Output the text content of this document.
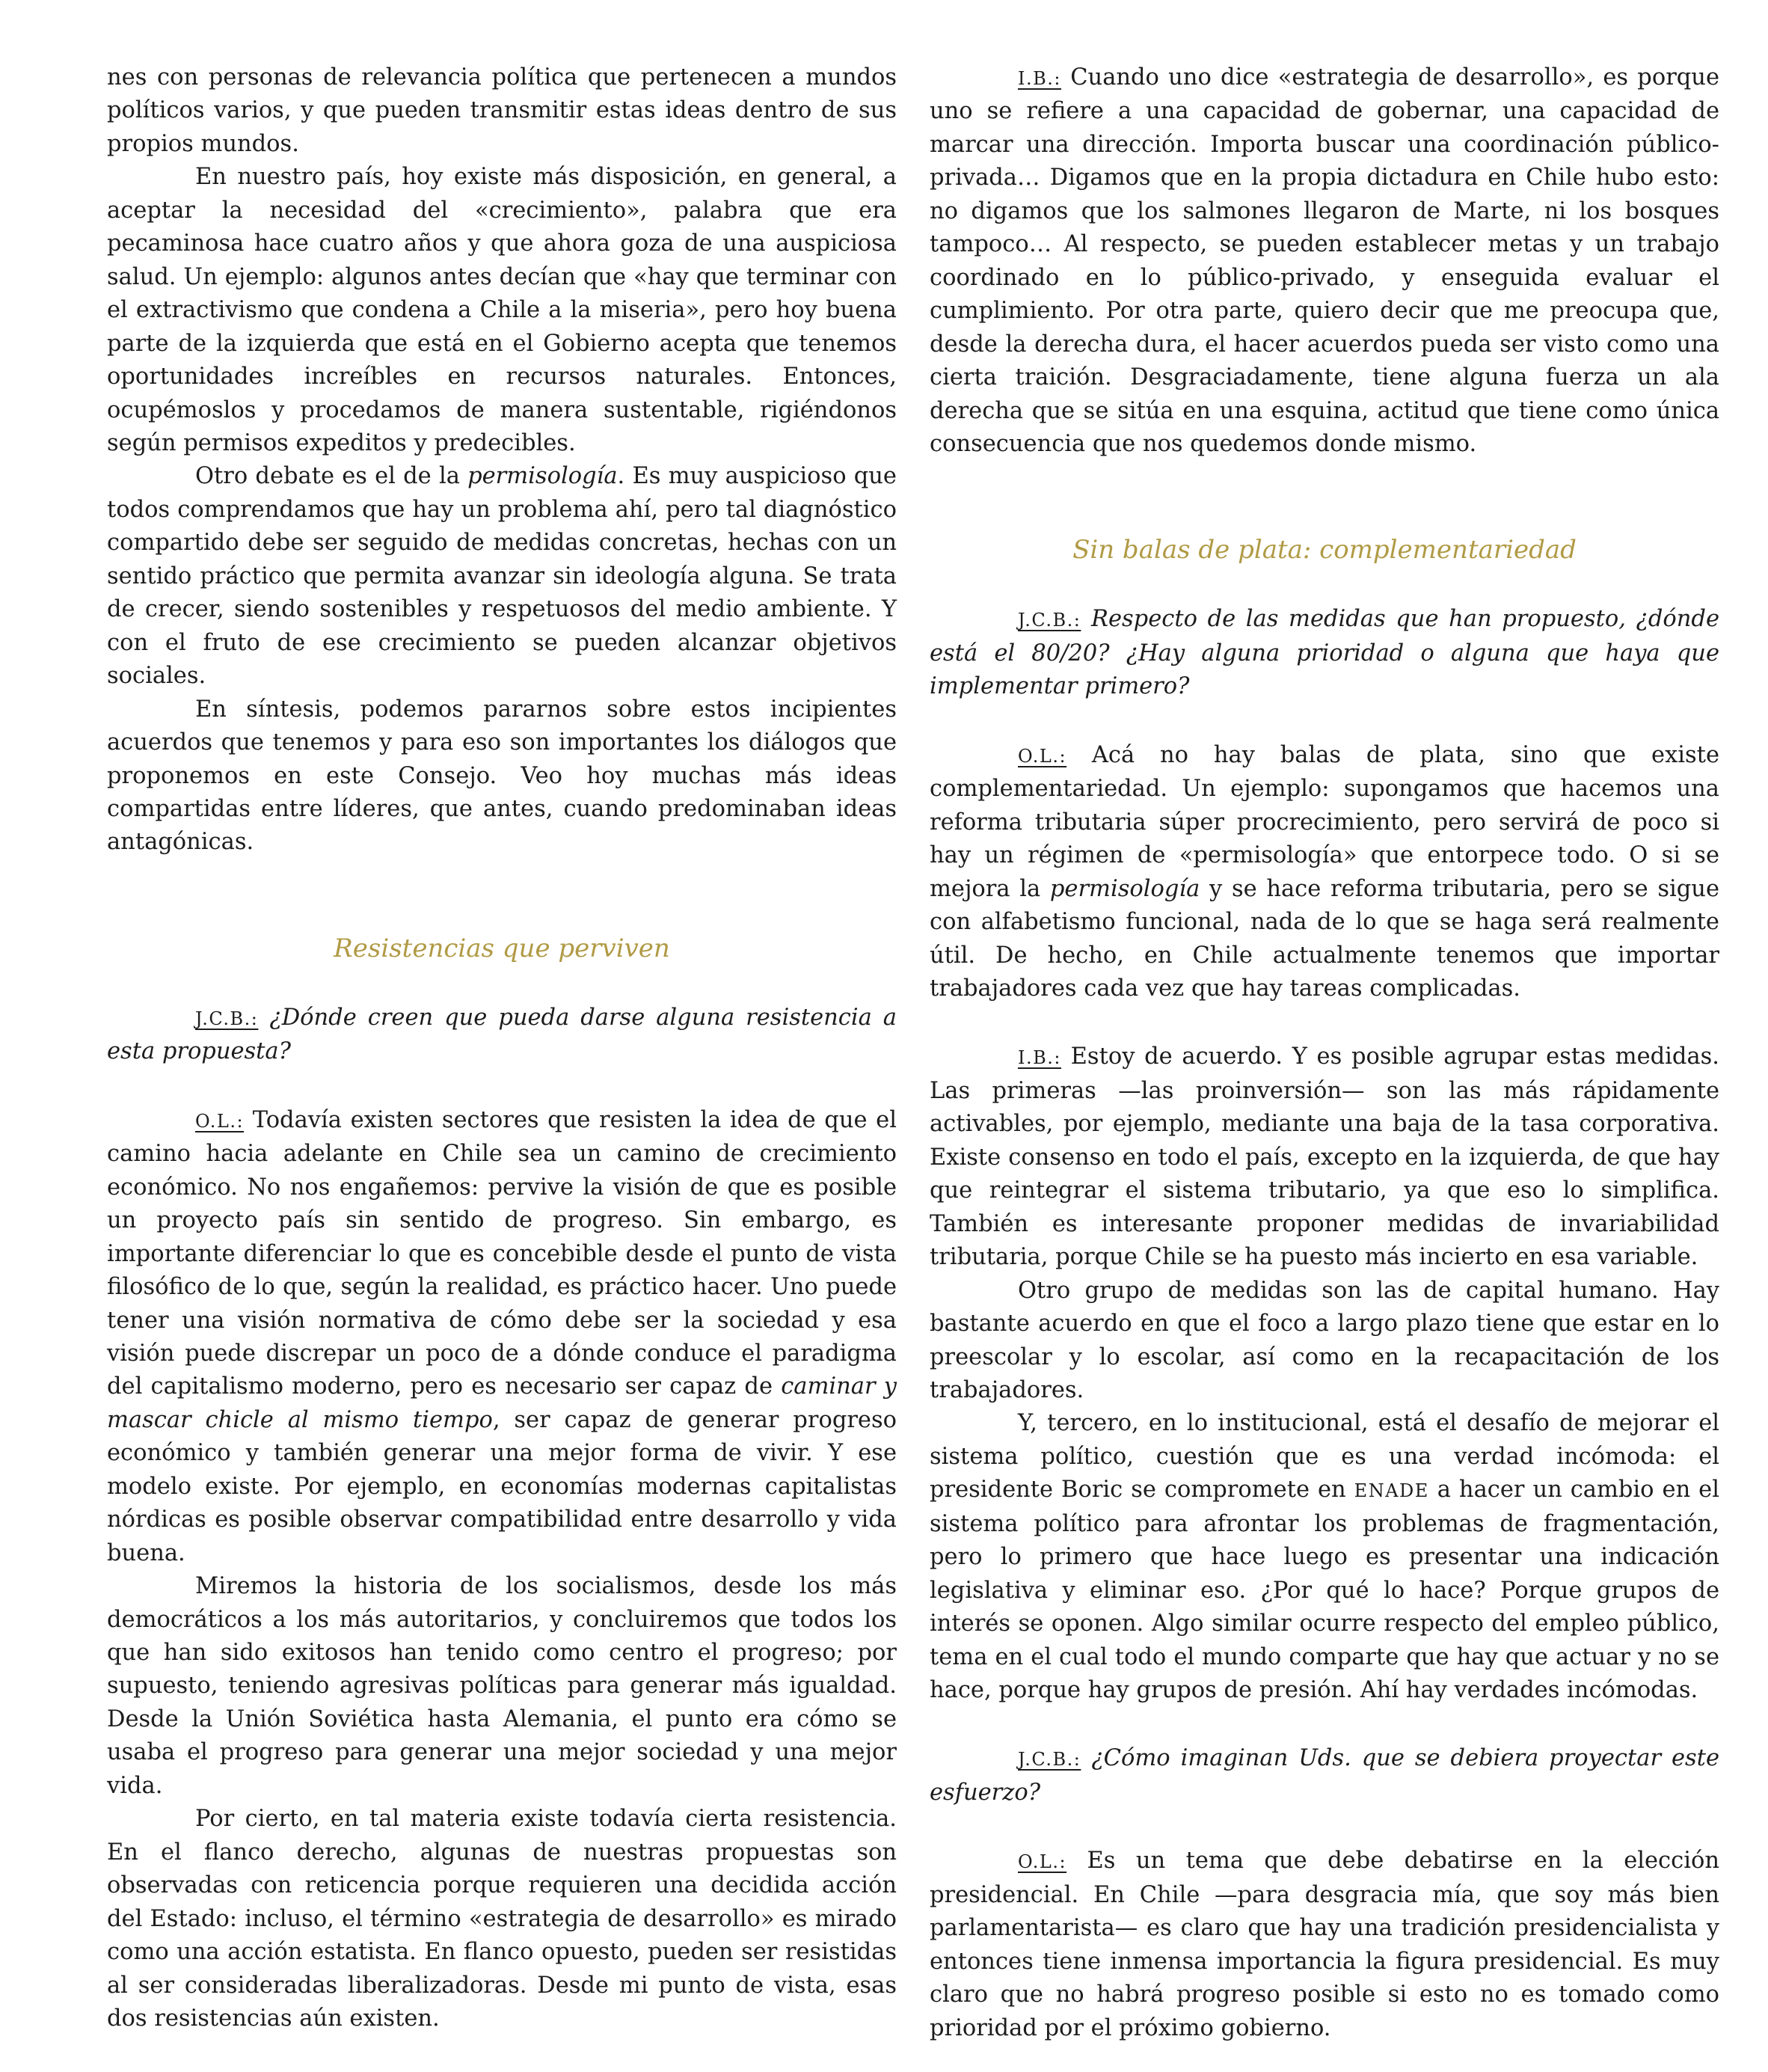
nes con personas de relevancia política que pertenecen a mundos políticos varios, y que pueden transmitir estas ideas dentro de sus propios mundos.

En nuestro país, hoy existe más disposición, en general, a aceptar la necesidad del «crecimiento», palabra que era pecaminosa hace cuatro años y que ahora goza de una auspiciosa salud. Un ejemplo: algunos antes decían que «hay que terminar con el extractivismo que condena a Chile a la miseria», pero hoy buena parte de la izquierda que está en el Gobierno acepta que tenemos oportunidades increíbles en recursos naturales. Entonces, ocupémoslos y procedamos de manera sustentable, rigiéndonos según permisos expeditos y predecibles.

Otro debate es el de la permisología. Es muy auspicioso que todos comprendamos que hay un problema ahí, pero tal diagnóstico compartido debe ser seguido de medidas concretas, hechas con un sentido práctico que permita avanzar sin ideología alguna. Se trata de crecer, siendo sostenibles y respetuosos del medio ambiente. Y con el fruto de ese crecimiento se pueden alcanzar objetivos sociales.

En síntesis, podemos pararnos sobre estos incipientes acuerdos que tenemos y para eso son importantes los diálogos que proponemos en este Consejo. Veo hoy muchas más ideas compartidas entre líderes, que antes, cuando predominaban ideas antagónicas.

Resistencias que perviven

J.C.B.: ¿Dónde creen que pueda darse alguna resistencia a esta propuesta?

O.L.: Todavía existen sectores que resisten la idea de que el camino hacia adelante en Chile sea un camino de crecimiento económico. No nos engañemos: pervive la visión de que es posible un proyecto país sin sentido de progreso. Sin embargo, es importante diferenciar lo que es concebible desde el punto de vista filosófico de lo que, según la realidad, es práctico hacer. Uno puede tener una visión normativa de cómo debe ser la sociedad y esa visión puede discrepar un poco de a dónde conduce el paradigma del capitalismo moderno, pero es necesario ser capaz de caminar y mascar chicle al mismo tiempo, ser capaz de generar progreso económico y también generar una mejor forma de vivir. Y ese modelo existe. Por ejemplo, en economías modernas capitalistas nórdicas es posible observar compatibilidad entre desarrollo y vida buena.

Miremos la historia de los socialismos, desde los más democráticos a los más autoritarios, y concluiremos que todos los que han sido exitosos han tenido como centro el progreso; por supuesto, teniendo agresivas políticas para generar más igualdad. Desde la Unión Soviética hasta Alemania, el punto era cómo se usaba el progreso para generar una mejor sociedad y una mejor vida.

Por cierto, en tal materia existe todavía cierta resistencia. En el flanco derecho, algunas de nuestras propuestas son observadas con reticencia porque requieren una decidida acción del Estado: incluso, el término «estrategia de desarrollo» es mirado como una acción estatista. En flanco opuesto, pueden ser resistidas al ser consideradas liberalizadoras. Desde mi punto de vista, esas dos resistencias aún existen.

I.B.: Cuando uno dice «estrategia de desarrollo», es porque uno se refiere a una capacidad de gobernar, una capacidad de marcar una dirección. Importa buscar una coordinación público-privada… Digamos que en la propia dictadura en Chile hubo esto: no digamos que los salmones llegaron de Marte, ni los bosques tampoco… Al respecto, se pueden establecer metas y un trabajo coordinado en lo público-privado, y enseguida evaluar el cumplimiento. Por otra parte, quiero decir que me preocupa que, desde la derecha dura, el hacer acuerdos pueda ser visto como una cierta traición. Desgraciadamente, tiene alguna fuerza un ala derecha que se sitúa en una esquina, actitud que tiene como única consecuencia que nos quedemos donde mismo.

Sin balas de plata: complementariedad

J.C.B.: Respecto de las medidas que han propuesto, ¿dónde está el 80/20? ¿Hay alguna prioridad o alguna que haya que implementar primero?

O.L.: Acá no hay balas de plata, sino que existe complementariedad. Un ejemplo: supongamos que hacemos una reforma tributaria súper procrecimiento, pero servirá de poco si hay un régimen de «permisología» que entorpece todo. O si se mejora la permisología y se hace reforma tributaria, pero se sigue con alfabetismo funcional, nada de lo que se haga será realmente útil. De hecho, en Chile actualmente tenemos que importar trabajadores cada vez que hay tareas complicadas.

I.B.: Estoy de acuerdo. Y es posible agrupar estas medidas. Las primeras —las proinversión— son las más rápidamente activables, por ejemplo, mediante una baja de la tasa corporativa. Existe consenso en todo el país, excepto en la izquierda, de que hay que reintegrar el sistema tributario, ya que eso lo simplifica. También es interesante proponer medidas de invariabilidad tributaria, porque Chile se ha puesto más incierto en esa variable.

Otro grupo de medidas son las de capital humano. Hay bastante acuerdo en que el foco a largo plazo tiene que estar en lo preescolar y lo escolar, así como en la recapacitación de los trabajadores.

Y, tercero, en lo institucional, está el desafío de mejorar el sistema político, cuestión que es una verdad incómoda: el presidente Boric se compromete en ENADE a hacer un cambio en el sistema político para afrontar los problemas de fragmentación, pero lo primero que hace luego es presentar una indicación legislativa y eliminar eso. ¿Por qué lo hace? Porque grupos de interés se oponen. Algo similar ocurre respecto del empleo público, tema en el cual todo el mundo comparte que hay que actuar y no se hace, porque hay grupos de presión. Ahí hay verdades incómodas.

J.C.B.: ¿Cómo imaginan Uds. que se debiera proyectar este esfuerzo?

O.L.: Es un tema que debe debatirse en la elección presidencial. En Chile —para desgracia mía, que soy más bien parlamentarista— es claro que hay una tradición presidencialista y entonces tiene inmensa importancia la figura presidencial. Es muy claro que no habrá progreso posible si esto no es tomado como prioridad por el próximo gobierno.
